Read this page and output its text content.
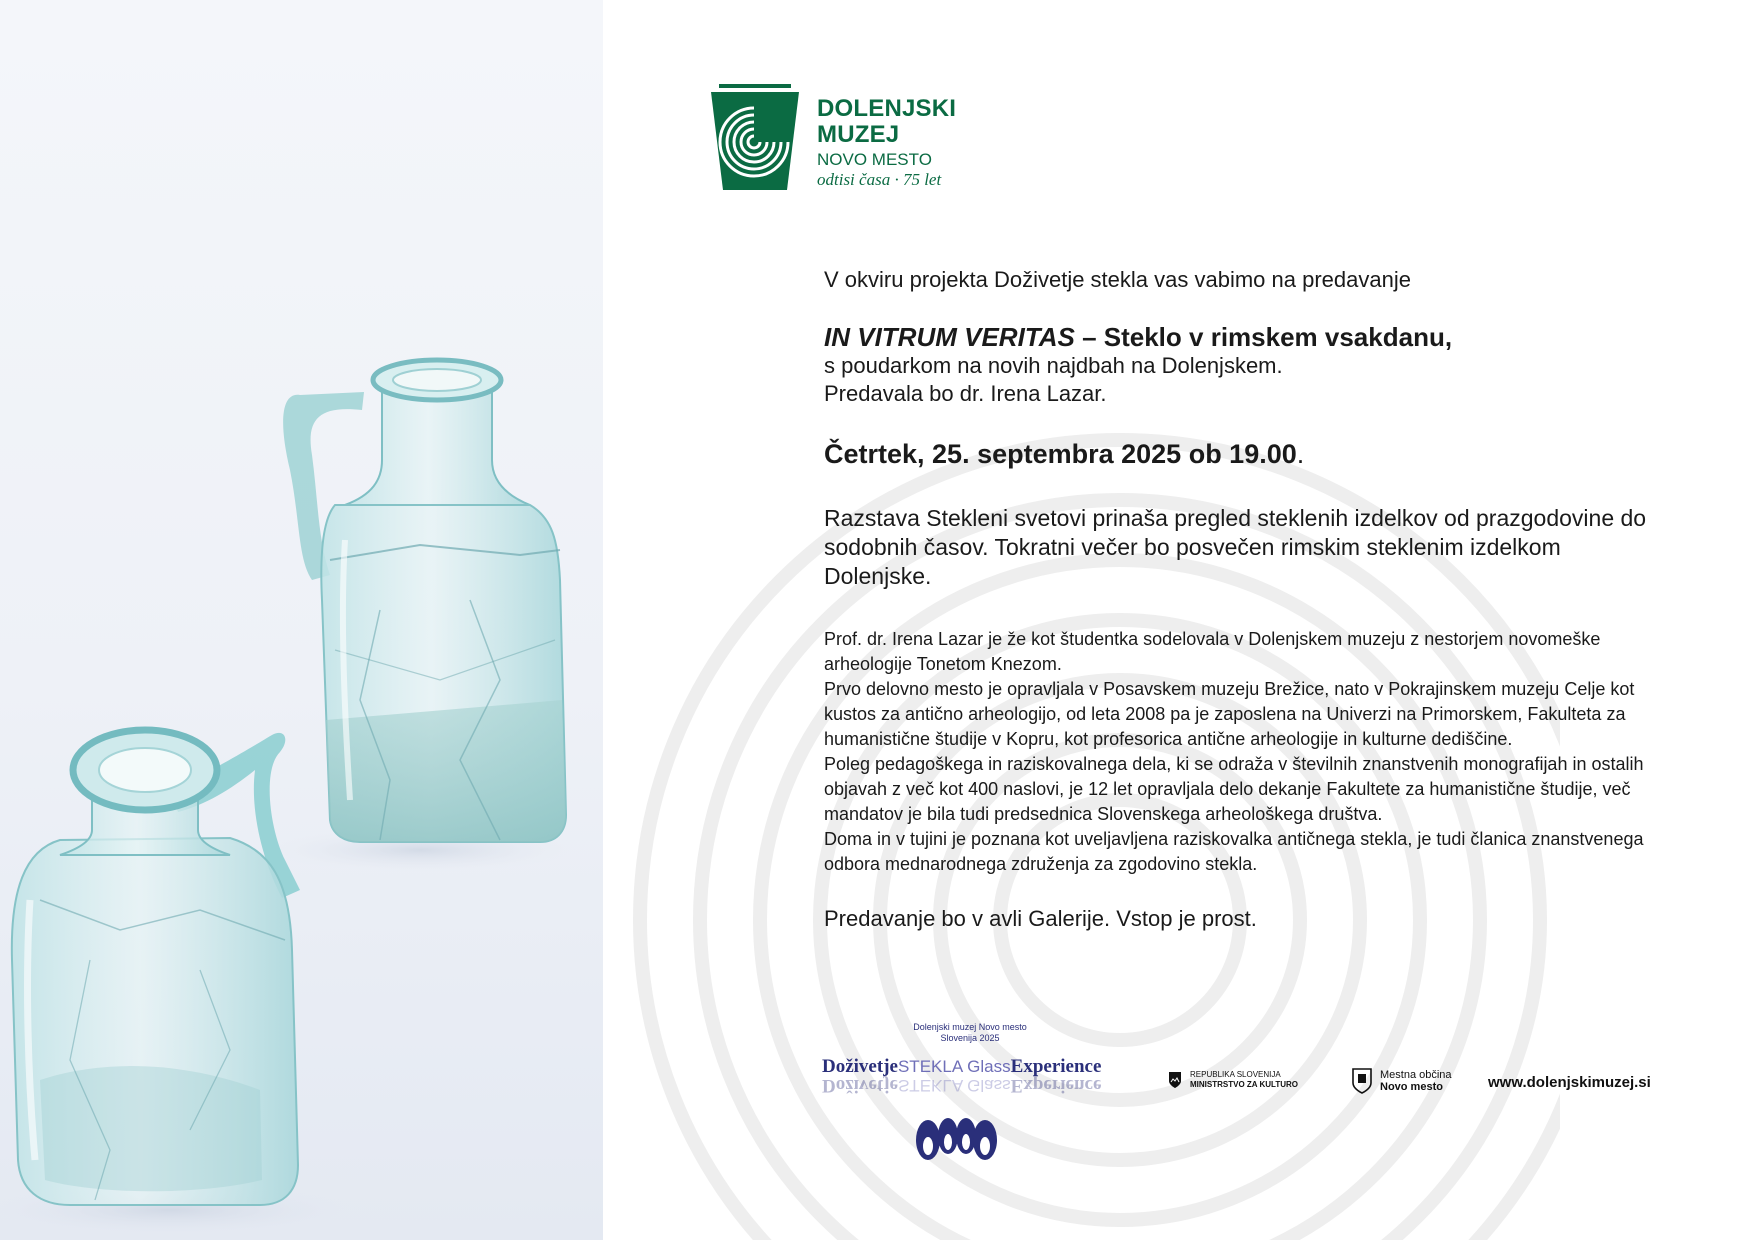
DOLENJSKI
MUZEJ
NOVO MESTO
odtisi časa · 75 let
V okviru projekta Doživetje stekla vas vabimo na predavanje
IN VITRUM VERITAS – Steklo v rimskem vsakdanu,
s poudarkom na novih najdbah na Dolenjskem.
Predavala bo dr. Irena Lazar.
Četrtek, 25. septembra 2025 ob 19.00.
Razstava Stekleni svetovi prinaša pregled steklenih izdelkov od prazgodovine do sodobnih časov. Tokratni večer bo posvečen rimskim steklenim izdelkom Dolenjske.

Prof. dr. Irena Lazar je že kot študentka sodelovala v Dolenjskem muzeju z nestorjem novomeške arheologije Tonetom Knezom.

Prvo delovno mesto je opravljala v Posavskem muzeju Brežice, nato v Pokrajinskem muzeju Celje kot kustos za antično arheologijo, od leta 2008 pa je zaposlena na Univerzi na Primorskem, Fakulteta za humanistične študije v Kopru, kot profesorica antične arheologije in kulturne dediščine.

Poleg pedagoškega in raziskovalnega dela, ki se odraža v številnih znanstvenih monografijah in ostalih objavah z več kot 400 naslovi, je 12 let opravljala delo dekanje Fakultete za humanistične študije, več mandatov je bila tudi predsednica Slovenskega arheološkega društva.

Doma in v tujini je poznana kot uveljavljena raziskovalka antičnega stekla, je tudi članica znanstvenega odbora mednarodnega združenja za zgodovino stekla.

Predavanje bo v avli Galerije. Vstop je prost.
Dolenjski muzej Novo mesto
Slovenija 2025
DoživetjeSTEKLA GlassExperience
DoživetjeSTEKLA GlassExperience
REPUBLIKA SLOVENIJA
MINISTRSTVO ZA KULTURO
Mestna občina
Novo mesto	www.dolenjskimuzej.si
